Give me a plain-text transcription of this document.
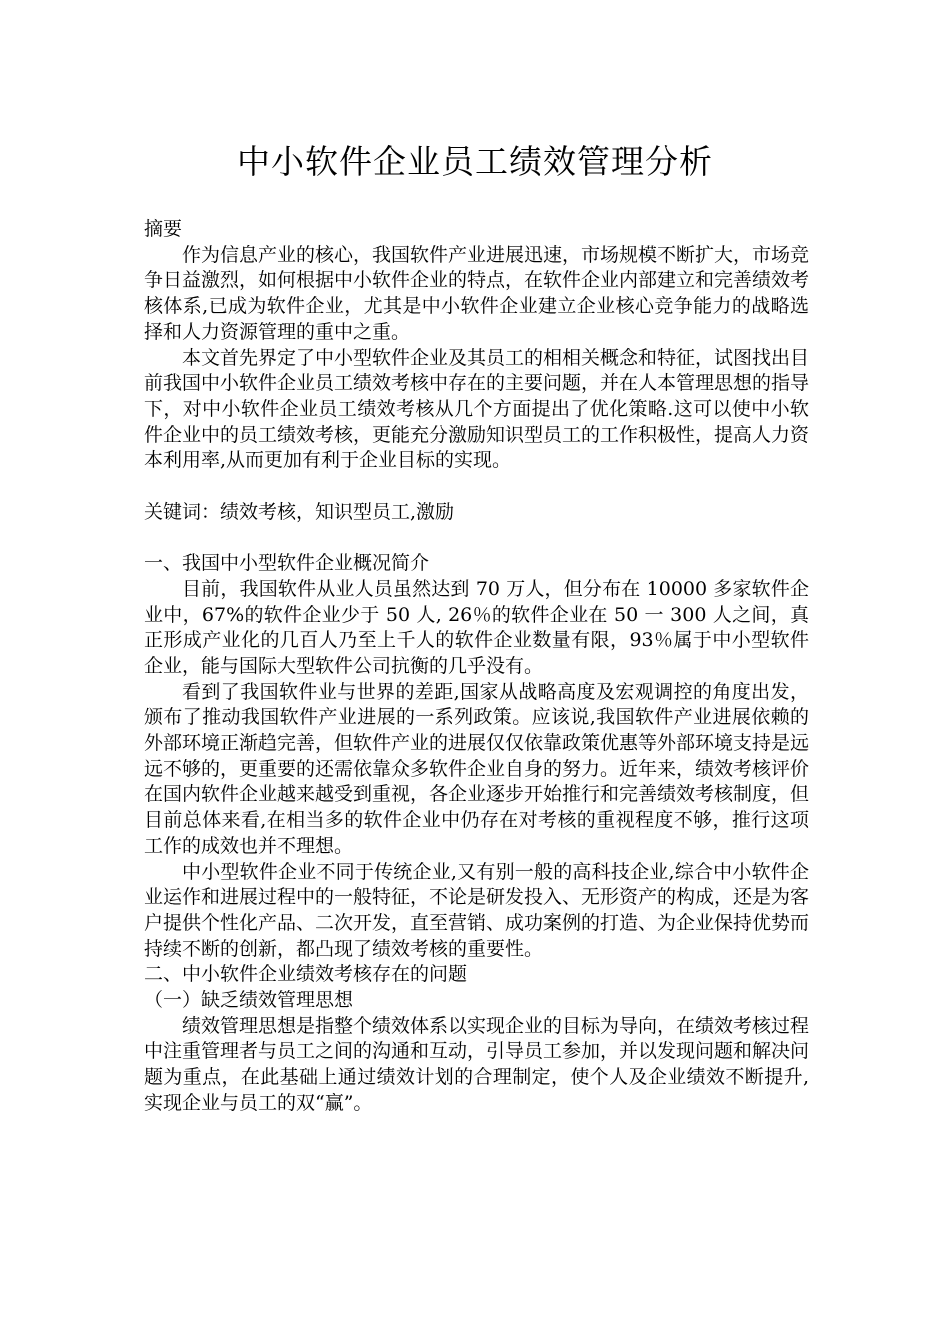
中小软件企业员工绩效管理分析

摘要

作为信息产业的核心，我国软件产业进展迅速，市场规模不断扩大，市场竞争日益激烈，如何根据中小软件企业的特点，在软件企业内部建立和完善绩效考核体系,已成为软件企业，尤其是中小软件企业建立企业核心竞争能力的战略选择和人力资源管理的重中之重。

本文首先界定了中小型软件企业及其员工的相相关概念和特征，试图找出目前我国中小软件企业员工绩效考核中存在的主要问题，并在人本管理思想的指导下，对中小软件企业员工绩效考核从几个方面提出了优化策略.这可以使中小软件企业中的员工绩效考核，更能充分激励知识型员工的工作积极性，提高人力资本利用率,从而更加有利于企业目标的实现。

关键词：绩效考核，知识型员工,激励

一、我国中小型软件企业概况简介

目前，我国软件从业人员虽然达到 70 万人，但分布在 10000 多家软件企业中，67%的软件企业少于 50 人, 26％的软件企业在 50 一 300 人之间，真正形成产业化的几百人乃至上千人的软件企业数量有限，93％属于中小型软件企业，能与国际大型软件公司抗衡的几乎没有。

看到了我国软件业与世界的差距,国家从战略高度及宏观调控的角度出发，颁布了推动我国软件产业进展的一系列政策。应该说,我国软件产业进展依赖的外部环境正渐趋完善，但软件产业的进展仅仅依靠政策优惠等外部环境支持是远远不够的，更重要的还需依靠众多软件企业自身的努力。近年来，绩效考核评价在国内软件企业越来越受到重视，各企业逐步开始推行和完善绩效考核制度，但目前总体来看,在相当多的软件企业中仍存在对考核的重视程度不够，推行这项工作的成效也并不理想。

中小型软件企业不同于传统企业,又有别一般的高科技企业,综合中小软件企业运作和进展过程中的一般特征，不论是研发投入、无形资产的构成，还是为客户提供个性化产品、二次开发，直至营销、成功案例的打造、为企业保持优势而持续不断的创新，都凸现了绩效考核的重要性。

二、中小软件企业绩效考核存在的问题

（一）缺乏绩效管理思想

绩效管理思想是指整个绩效体系以实现企业的目标为导向，在绩效考核过程中注重管理者与员工之间的沟通和互动，引导员工参加，并以发现问题和解决问题为重点，在此基础上通过绩效计划的合理制定，使个人及企业绩效不断提升,实现企业与员工的双“赢”。
